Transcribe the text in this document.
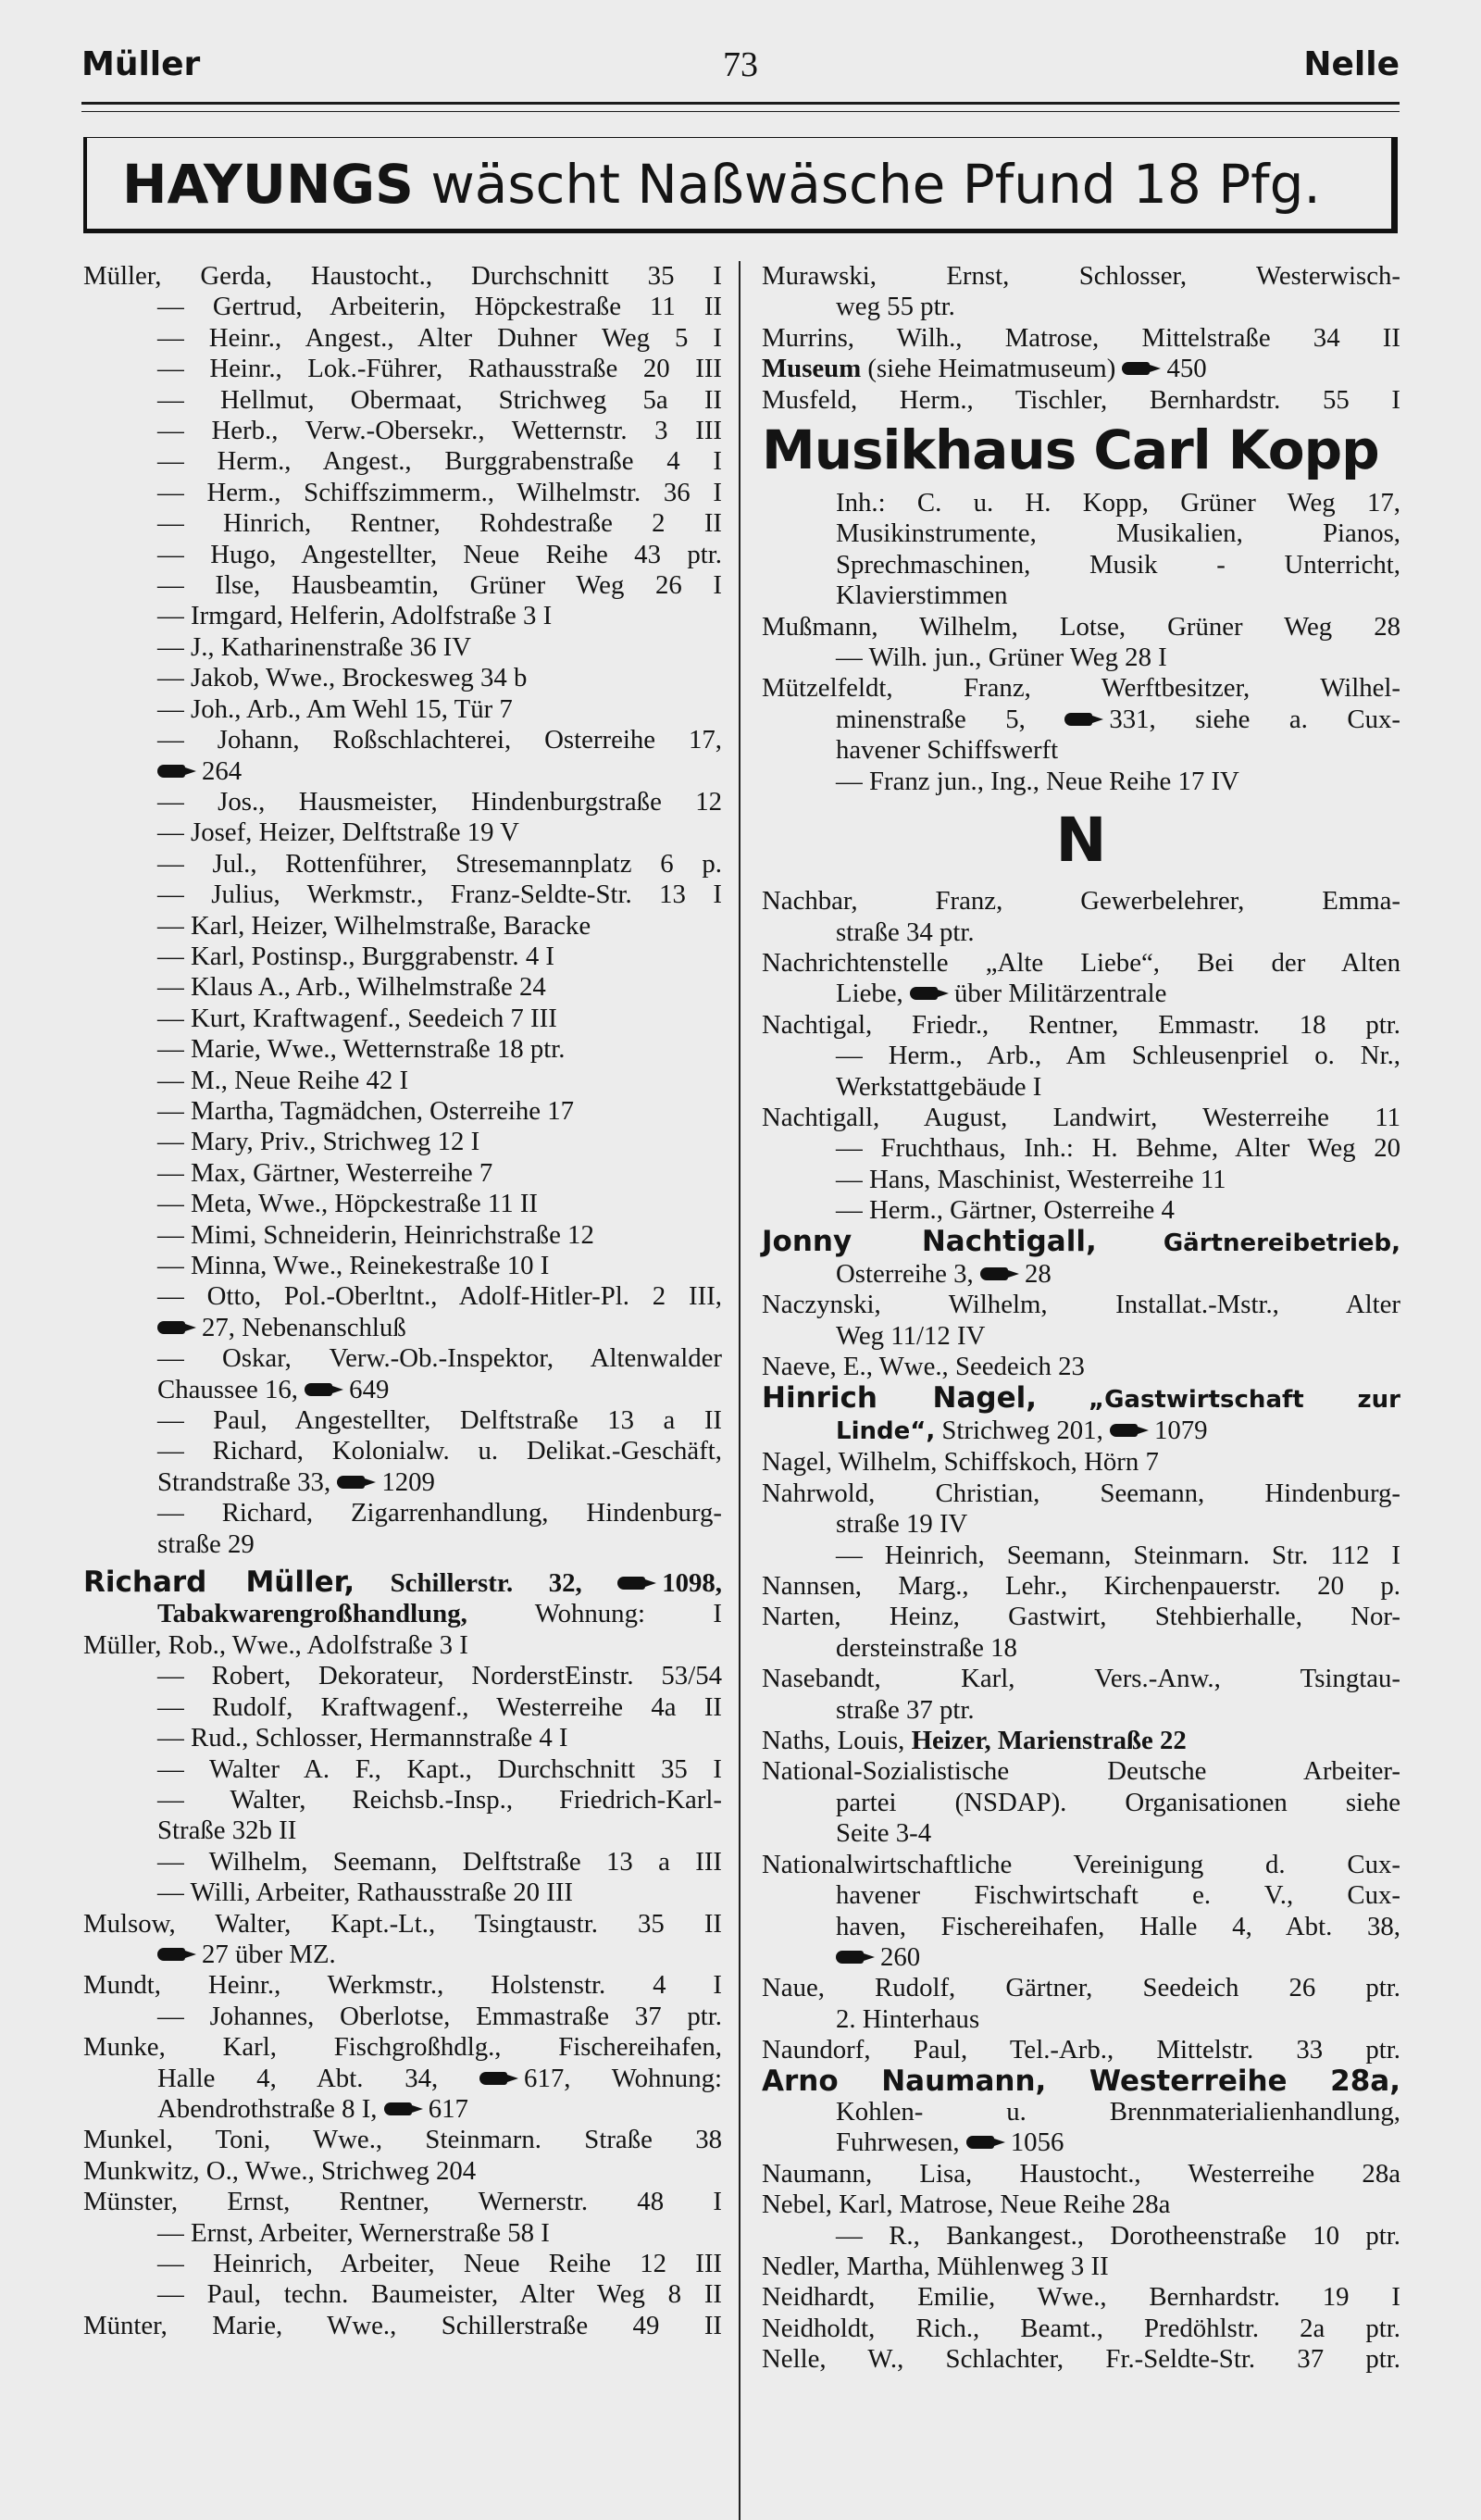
Müller	73	Nelle
HAYUNGS wäscht Naßwäsche Pfund 18 Pfg.
Müller, Gerda, Haustocht., Durchschnitt 35 I
— Gertrud, Arbeiterin, Höpckestraße 11 II
— Heinr., Angest., Alter Duhner Weg 5 I
— Heinr., Lok.-Führer, Rathausstraße 20 III
— Hellmut, Obermaat, Strichweg 5a II
— Herb., Verw.-Obersekr., Wetternstr. 3 III
— Herm., Angest., Burggrabenstraße 4 I
— Herm., Schiffszimmerm., Wilhelmstr. 36 I
— Hinrich, Rentner, Rohdestraße 2 II
— Hugo, Angestellter, Neue Reihe 43 ptr.
— Ilse, Hausbeamtin, Grüner Weg 26 I
— Irmgard, Helferin, Adolfstraße 3 I
— J., Katharinenstraße 36 IV
— Jakob, Wwe., Brockesweg 34 b
— Joh., Arb., Am Wehl 15, Tür 7
— Johann, Roßschlachterei, Osterreihe 17,
264
— Jos., Hausmeister, Hindenburgstraße 12
— Josef, Heizer, Delftstraße 19 V
— Jul., Rottenführer, Stresemannplatz 6 p.
— Julius, Werkmstr., Franz-Seldte-Str. 13 I
— Karl, Heizer, Wilhelmstraße, Baracke
— Karl, Postinsp., Burggrabenstr. 4 I
— Klaus A., Arb., Wilhelmstraße 24
— Kurt, Kraftwagenf., Seedeich 7 III
— Marie, Wwe., Wetternstraße 18 ptr.
— M., Neue Reihe 42 I
— Martha, Tagmädchen, Osterreihe 17
— Mary, Priv., Strichweg 12 I
— Max, Gärtner, Westerreihe 7
— Meta, Wwe., Höpckestraße 11 II
— Mimi, Schneiderin, Heinrichstraße 12
— Minna, Wwe., Reinekestraße 10 I
— Otto, Pol.-Oberltnt., Adolf-Hitler-Pl. 2 III,
27, Nebenanschluß
— Oskar, Verw.-Ob.-Inspektor, Altenwalder
Chaussee 16, 649
— Paul, Angestellter, Delftstraße 13 a II
— Richard, Kolonialw. u. Delikat.-Geschäft,
Strandstraße 33, 1209
— Richard, Zigarrenhandlung, Hindenburg-
straße 29
Richard Müller, Schillerstr. 32,	1098,
Tabakwarengroßhandlung,	Wohnung: I
Müller, Rob., Wwe., Adolfstraße 3 I
— Robert, Dekorateur, NorderstEinstr. 53/54
— Rudolf, Kraftwagenf., Westerreihe 4a II
— Rud., Schlosser, Hermannstraße 4 I
— Walter A. F., Kapt., Durchschnitt 35 I
— Walter, Reichsb.-Insp., Friedrich-Karl-
Straße 32b II
— Wilhelm, Seemann, Delftstraße 13 a III
— Willi, Arbeiter, Rathausstraße 20 III
Mulsow, Walter, Kapt.-Lt., Tsingtaustr. 35 II
27 über MZ.
Mundt, Heinr., Werkmstr., Holstenstr. 4 I
— Johannes, Oberlotse, Emmastraße 37 ptr.
Munke, Karl, Fischgroßhdlg., Fischereihafen,
Halle 4, Abt. 34,	617, Wohnung:
Abendrothstraße 8 I, 617
Munkel, Toni, Wwe., Steinmarn. Straße 38
Munkwitz, O., Wwe., Strichweg 204
Münster, Ernst, Rentner, Wernerstr. 48 I
— Ernst, Arbeiter, Wernerstraße 58 I
— Heinrich, Arbeiter, Neue Reihe 12 III
— Paul, techn. Baumeister, Alter Weg 8 II
Münter, Marie, Wwe., Schillerstraße 49 II
Murawski, Ernst, Schlosser, Westerwisch-
weg 55 ptr.
Murrins, Wilh., Matrose, Mittelstraße 34 II
Museum (siehe Heimatmuseum) 450
Musfeld, Herm., Tischler, Bernhardstr. 55 I
Musikhaus Carl Kopp
Inh.: C. u. H. Kopp, Grüner Weg 17,
Musikinstrumente, Musikalien, Pianos,
Sprechmaschinen, Musik - Unterricht,
Klavierstimmen
Mußmann, Wilhelm, Lotse, Grüner Weg 28
— Wilh. jun., Grüner Weg 28 I
Mützelfeldt, Franz, Werftbesitzer, Wilhel-
minenstraße 5,	331, siehe a. Cux-
havener Schiffswerft
— Franz jun., Ing., Neue Reihe 17 IV
N
Nachbar, Franz, Gewerbelehrer, Emma-
straße 34 ptr.
Nachrichtenstelle „Alte Liebe“, Bei der Alten
Liebe, über Militärzentrale
Nachtigal, Friedr., Rentner, Emmastr. 18 ptr.
— Herm., Arb., Am Schleusenpriel o. Nr.,
Werkstattgebäude I
Nachtigall, August, Landwirt, Westerreihe 11
— Fruchthaus, Inh.: H. Behme, Alter Weg 20
— Hans, Maschinist, Westerreihe 11
— Herm., Gärtner, Osterreihe 4
Jonny Nachtigall,	Gärtnereibetrieb,
Osterreihe 3, 28
Naczynski, Wilhelm, Installat.-Mstr., Alter
Weg 11/12 IV
Naeve, E., Wwe., Seedeich 23
Hinrich Nagel, „Gastwirtschaft zur
Linde“, Strichweg 201, 1079
Nagel, Wilhelm, Schiffskoch, Hörn 7
Nahrwold, Christian, Seemann, Hindenburg-
straße 19 IV
— Heinrich, Seemann, Steinmarn. Str. 112 I
Nannsen, Marg., Lehr., Kirchenpauerstr. 20 p.
Narten, Heinz, Gastwirt, Stehbierhalle, Nor-
dersteinstraße 18
Nasebandt, Karl, Vers.-Anw., Tsingtau-
straße 37 ptr.
Naths, Louis, Heizer, Marienstraße 22
National-Sozialistische Deutsche Arbeiter-
partei (NSDAP). Organisationen siehe
Seite 3-4
Nationalwirtschaftliche Vereinigung d. Cux-
havener Fischwirtschaft e. V., Cux-
haven, Fischereihafen, Halle 4, Abt. 38,
260
Naue, Rudolf, Gärtner, Seedeich 26 ptr.
2. Hinterhaus
Naundorf, Paul, Tel.-Arb., Mittelstr. 33 ptr.
Arno Naumann, Westerreihe 28a,
Kohlen- u. Brennmaterialienhandlung,
Fuhrwesen, 1056
Naumann, Lisa, Haustocht., Westerreihe 28a
Nebel, Karl, Matrose, Neue Reihe 28a
— R., Bankangest., Dorotheenstraße 10 ptr.
Nedler, Martha, Mühlenweg 3 II
Neidhardt, Emilie, Wwe., Bernhardstr. 19 I
Neidholdt, Rich., Beamt., Predöhlstr. 2a ptr.
Nelle, W., Schlachter, Fr.-Seldte-Str. 37 ptr.
